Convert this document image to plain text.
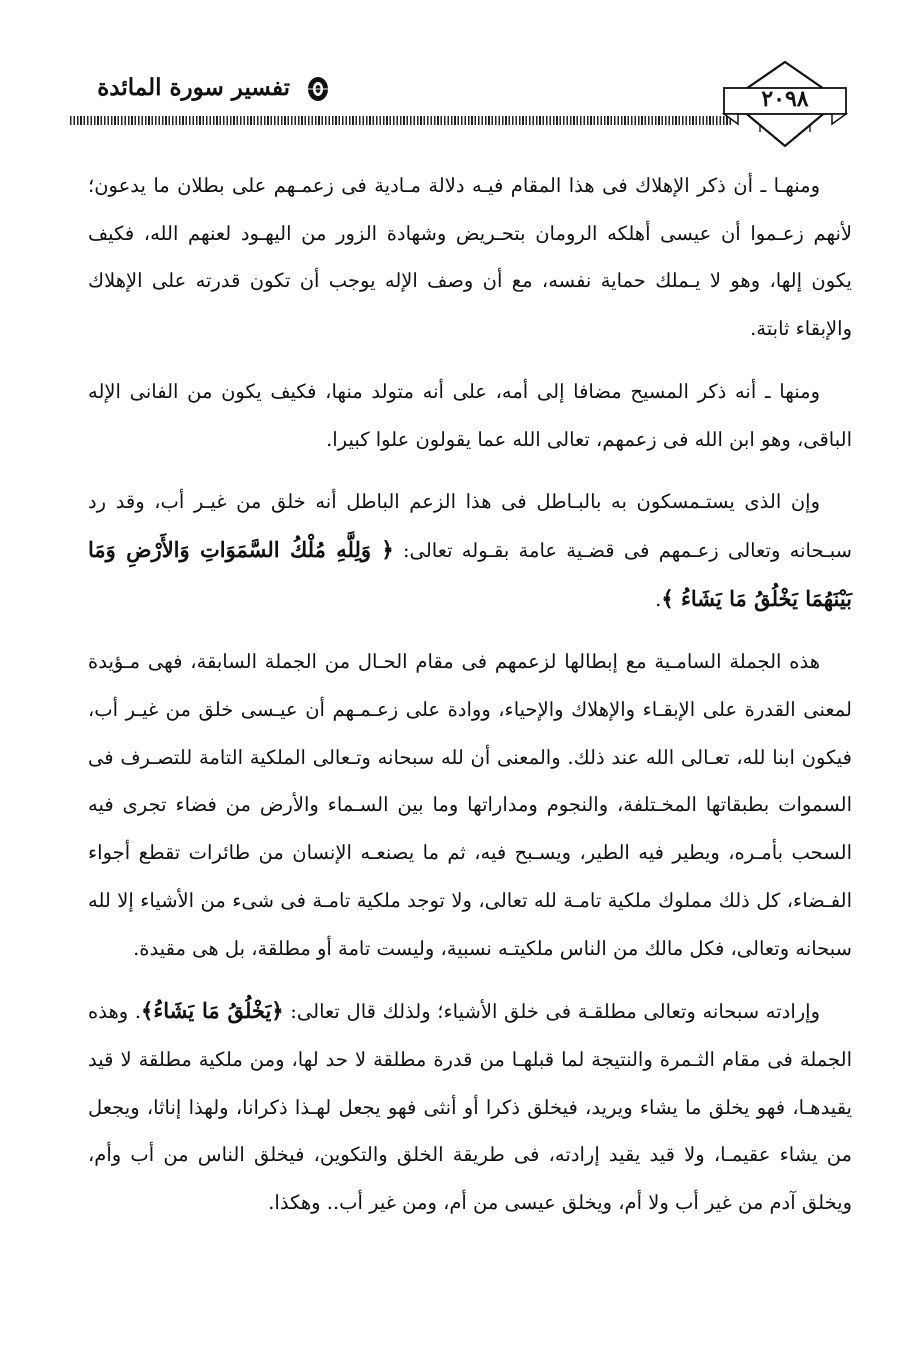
تفسير سورة المائدة	٢٠٩٨

ومنهـا ـ أن ذكر الإهلاك فى هذا المقام فيـه دلالة مـادية فى زعمـهم على بطلان ما يدعون؛ لأنهم زعـموا أن عيسى أهلكه الرومان بتحـريض وشهادة الزور من اليهـود لعنهم الله، فكيف يكون إلها، وهو لا يـملك حماية نفسه، مع أن وصف الإله يوجب أن تكون قدرته على الإهلاك والإبقاء ثابتة.

ومنها ـ أنه ذكر المسيح مضافا إلى أمه، على أنه متولد منها، فكيف يكون من الفانى الإله الباقى، وهو ابن الله فى زعمهم، تعالى الله عما يقولون علوا كبيرا.

وإن الذى يستـمسكون به بالبـاطل فى هذا الزعم الباطل أنه خلق من غيـر أب، وقد رد سبـحانه وتعالى زعـمهم فى قضـية عامة بقـوله تعالى: ﴿ وَلِلَّهِ مُلْكُ السَّمَوَاتِ وَالأَرْضِ وَمَا بَيْنَهُمَا يَخْلُقُ مَا يَشَاءُ ﴾.

هذه الجملة السامـية مع إبطالها لزعمهم فى مقام الحـال من الجملة السابقة، فهى مـؤيدة لمعنى القدرة على الإبقـاء والإهلاك والإحياء، ووادة على زعـمـهم أن عيـسى خلق من غيـر أب، فيكون ابنا لله، تعـالى الله عند ذلك. والمعنى أن لله سبحانه وتـعالى الملكية التامة للتصـرف فى السموات بطبقاتها المخـتلفة، والنجوم ومداراتها وما بين السـماء والأرض من فضاء تجرى فيه السحب بأمـره، ويطير فيه الطير، ويسـبح فيه، ثم ما يصنعـه الإنسان من طائرات تقطع أجواء الفـضاء، كل ذلك مملوك ملكية تامـة لله تعالى، ولا توجد ملكية تامـة فى شىء من الأشياء إلا لله سبحانه وتعالى، فكل مالك من الناس ملكيتـه نسبية، وليست تامة أو مطلقة، بل هى مقيدة.

وإرادته سبحانه وتعالى مطلقـة فى خلق الأشياء؛ ولذلك قال تعالى: ﴿يَخْلُقُ مَا يَشَاءُ﴾. وهذه الجملة فى مقام الثـمرة والنتيجة لما قبلهـا من قدرة مطلقة لا حد لها، ومن ملكية مطلقة لا قيد يقيدهـا، فهو يخلق ما يشاء ويريد، فيخلق ذكرا أو أنثى فهو يجعل لهـذا ذكرانا، ولهذا إناثا، ويجعل من يشاء عقيمـا، ولا قيد يقيد إرادته، فى طريقة الخلق والتكوين، فيخلق الناس من أب وأم، ويخلق آدم من غير أب ولا أم، ويخلق عيسى من أم، ومن غير أب.. وهكذا.
